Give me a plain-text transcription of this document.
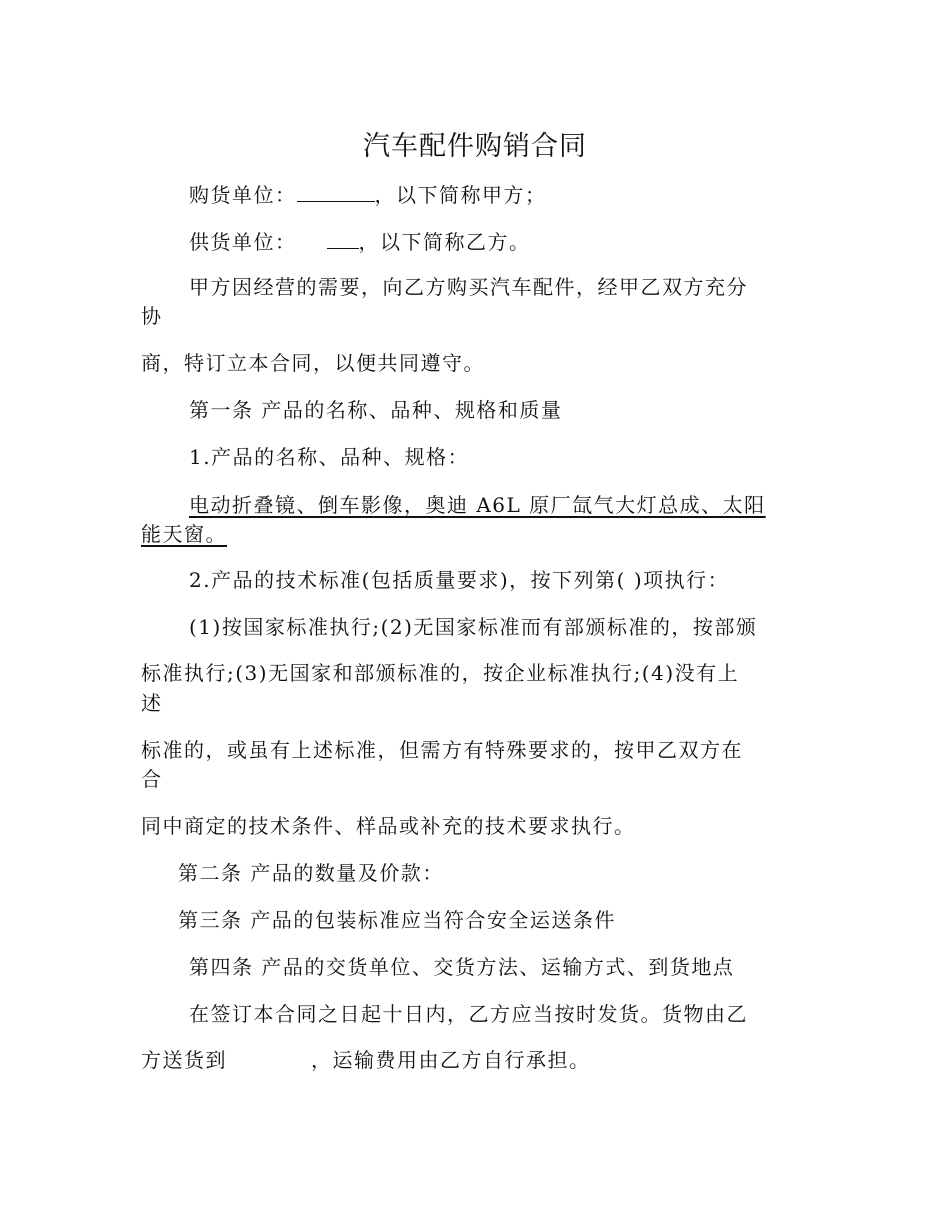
汽车配件购销合同
购货单位：	，以下简称甲方；
供货单位：	，以下简称乙方。
甲方因经营的需要，向乙方购买汽车配件，经甲乙双方充分
协
商，特订立本合同，以便共同遵守。
第一条 产品的名称、品种、规格和质量
1.产品的名称、品种、规格：
电动折叠镜、倒车影像，奥迪 A6L 原厂氙气大灯总成、太阳
能天窗。
2.产品的技术标准(包括质量要求)，按下列第( )项执行：
(1)按国家标准执行;(2)无国家标准而有部颁标准的，按部颁
标准执行;(3)无国家和部颁标准的，按企业标准执行;(4)没有上
述
标准的，或虽有上述标准，但需方有特殊要求的，按甲乙双方在
合
同中商定的技术条件、样品或补充的技术要求执行。
第二条 产品的数量及价款：
第三条 产品的包装标准应当符合安全运送条件
第四条 产品的交货单位、交货方法、运输方式、到货地点
在签订本合同之日起十日内，乙方应当按时发货。货物由乙
方送货到	，运输费用由乙方自行承担。
